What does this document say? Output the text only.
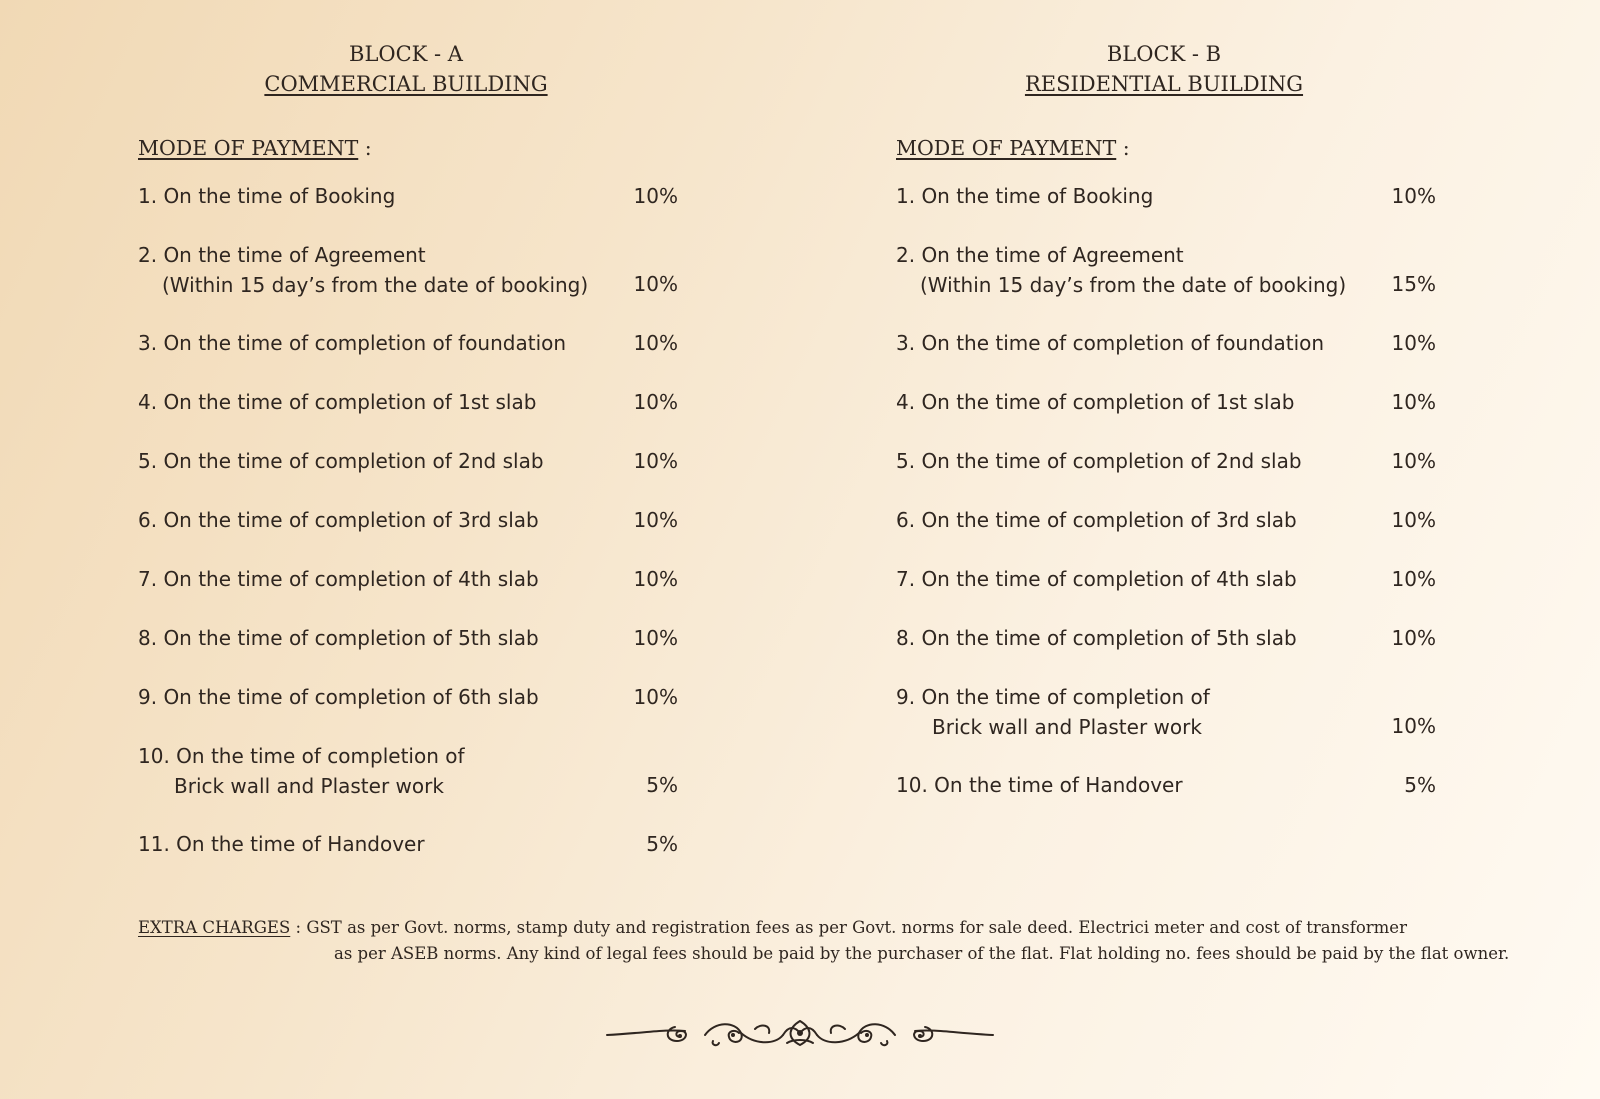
BLOCK - A
COMMERCIAL BUILDING
MODE OF PAYMENT :
1. On the time of Booking	10%
2. On the time of Agreement
(Within 15 day’s from the date of booking)	10%
3. On the time of completion of foundation	10%
4. On the time of completion of 1st slab	10%
5. On the time of completion of 2nd slab	10%
6. On the time of completion of 3rd slab	10%
7. On the time of completion of 4th slab	10%
8. On the time of completion of 5th slab	10%
9. On the time of completion of 6th slab	10%
10. On the time of completion of
Brick wall and Plaster work	5%
11. On the time of Handover	5%
BLOCK - B
RESIDENTIAL BUILDING
MODE OF PAYMENT :
1. On the time of Booking	10%
2. On the time of Agreement
(Within 15 day’s from the date of booking)	15%
3. On the time of completion of foundation	10%
4. On the time of completion of 1st slab	10%
5. On the time of completion of 2nd slab	10%
6. On the time of completion of 3rd slab	10%
7. On the time of completion of 4th slab	10%
8. On the time of completion of 5th slab	10%
9. On the time of completion of
Brick wall and Plaster work	10%
10. On the time of Handover	5%
EXTRA CHARGES : GST as per Govt. norms, stamp duty and registration fees as per Govt. norms for sale deed. Electrici meter and cost of transformer
as per ASEB norms. Any kind of legal fees should be paid by the purchaser of the flat. Flat holding no. fees should be paid by the flat owner.
